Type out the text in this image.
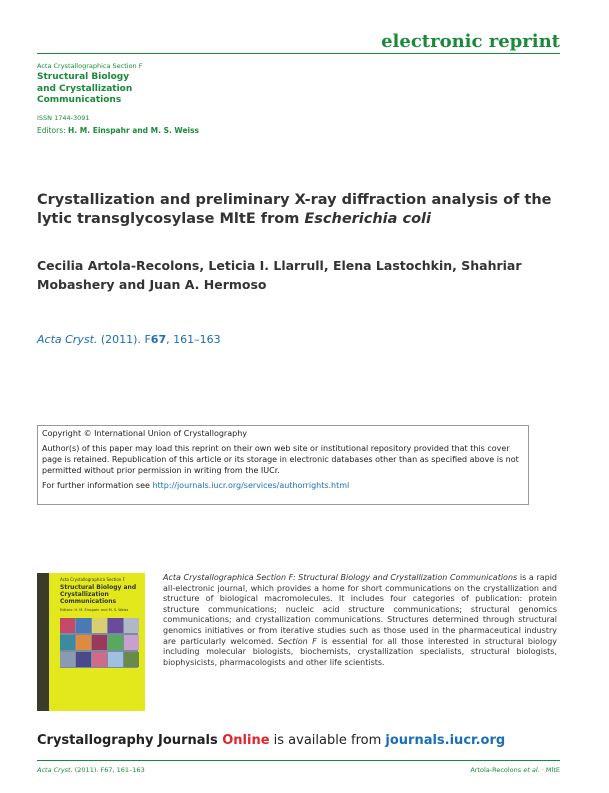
electronic reprint
Acta Crystallographica Section F
Structural Biology
and Crystallization
Communications
ISSN 1744-3091
Editors: H. M. Einspahr and M. S. Weiss
Crystallization and preliminary X-ray diffraction analysis of the lytic transglycosylase MltE from Escherichia coli
Cecilia Artola-Recolons, Leticia I. Llarrull, Elena Lastochkin, Shahriar Mobashery and Juan A. Hermoso
Acta Cryst. (2011). F67, 161–163

Copyright © International Union of Crystallography

Author(s) of this paper may load this reprint on their own web site or institutional repository provided that this cover page is retained. Republication of this article or its storage in electronic databases other than as specified above is not permitted without prior permission in writing from the IUCr.

For further information see http://journals.iucr.org/services/authorrights.html

Acta Crystallographica Section F
Structural Biology and Crystallization Communications
Editors: H. M. Einspahr and M. S. Weiss
Acta Crystallographica Section F: Structural Biology and Crystallization Communications is a rapid all-electronic journal, which provides a home for short communications on the crystallization and structure of biological macromolecules. It includes four categories of publication: protein structure communications; nucleic acid structure communications; structural genomics communications; and crystallization communications. Structures determined through structural genomics initiatives or from iterative studies such as those used in the pharmaceutical industry are particularly welcomed. Section F is essential for all those interested in structural biology including molecular biologists, biochemists, crystallization specialists, structural biologists, biophysicists, pharmacologists and other life scientists.
Crystallography Journals Online is available from journals.iucr.org
Acta Cryst. (2011). F67, 161–163	Artola-Recolons et al. · MltE
